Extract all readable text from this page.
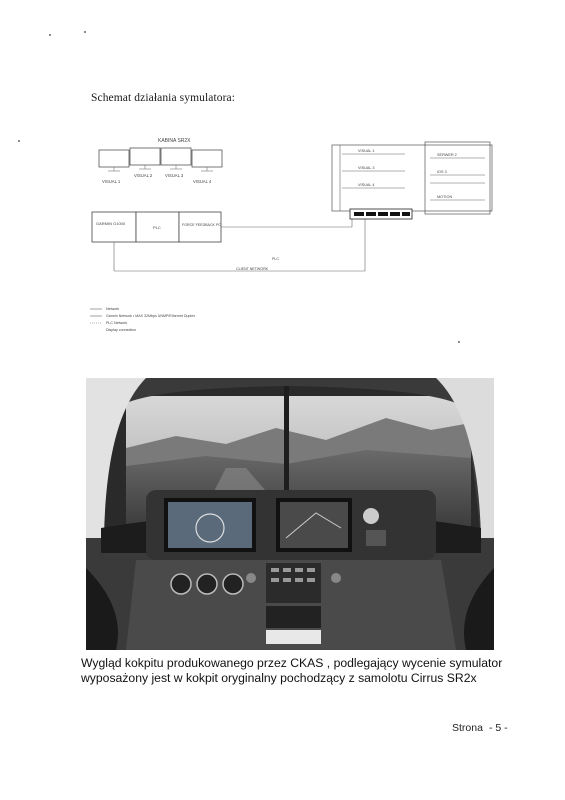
Schemat działania symulatora:
KABINA SR2X
VISUAL 1
VISUAL 2	VISUAL 3
VISUAL 4
GARMIN G1000
PLC	FORCE FEEDBACK PC
PLC
CLIENT NETWORK
VISUAL 1
VISUAL 3
VISUAL 4
SERWER 2
IOS 3
MOTION
Network
Garmin Network • MAX 32Mbps UNMP/Ethernet Duplex
PLC Network
Display connection
Wygląd kokpitu produkowanego przez CKAS , podlegający wycenie symulator
wyposażony jest w kokpit oryginalny pochodzący z samolotu Cirrus SR2x
Strona - 5 -
